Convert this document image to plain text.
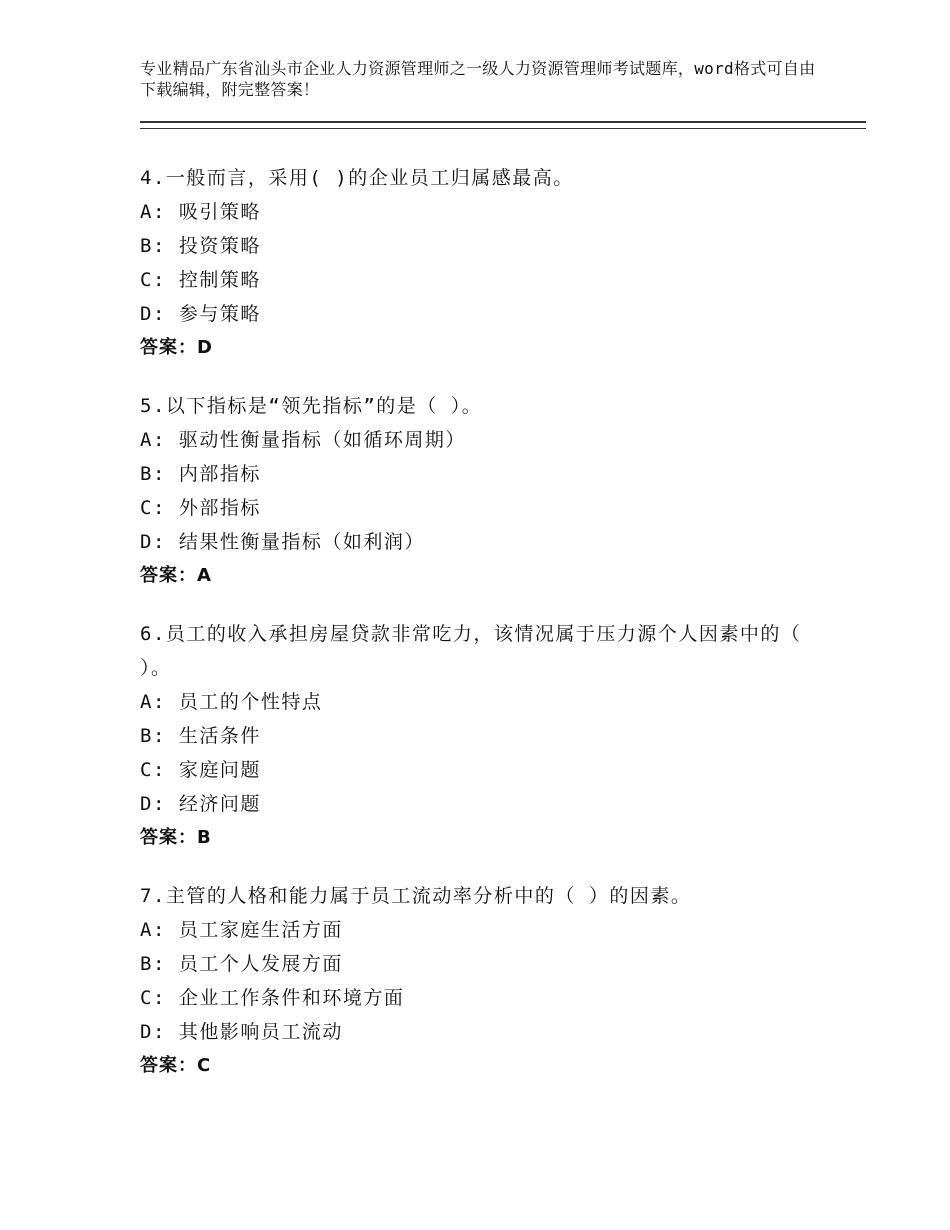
专业精品广东省汕头市企业人力资源管理师之一级人力资源管理师考试题库，word格式可自由下载编辑，附完整答案！
4.一般而言，采用( )的企业员工归属感最高。
A: 吸引策略
B: 投资策略
C: 控制策略
D: 参与策略
答案：D
5.以下指标是“领先指标”的是（ ）。
A: 驱动性衡量指标（如循环周期）
B: 内部指标
C: 外部指标
D: 结果性衡量指标（如利润）
答案：A
6.员工的收入承担房屋贷款非常吃力，该情况属于压力源个人因素中的（ ）。
A: 员工的个性特点
B: 生活条件
C: 家庭问题
D: 经济问题
答案：B
7.主管的人格和能力属于员工流动率分析中的（ ）的因素。
A: 员工家庭生活方面
B: 员工个人发展方面
C: 企业工作条件和环境方面
D: 其他影响员工流动
答案：C
